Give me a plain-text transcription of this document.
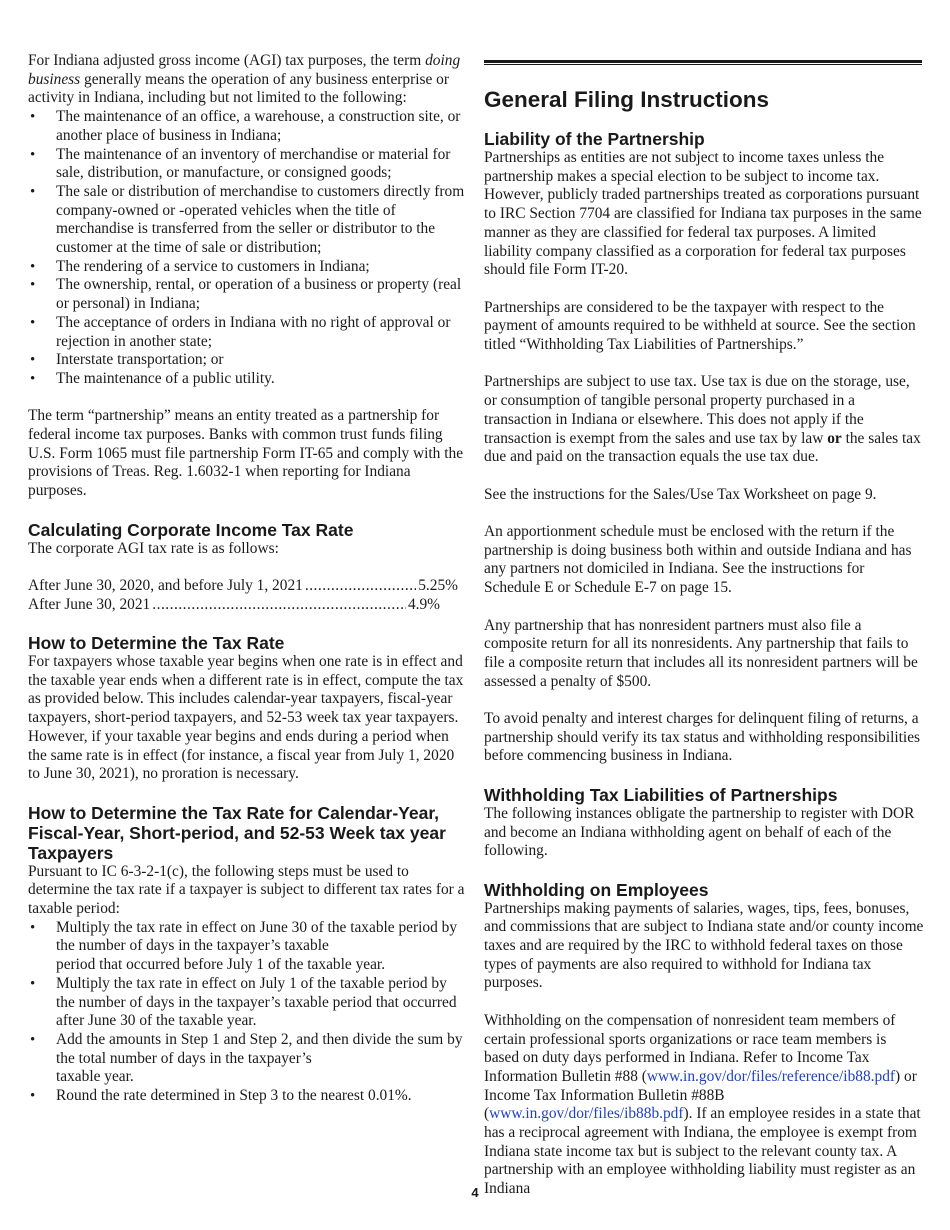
For Indiana adjusted gross income (AGI) tax purposes, the term doing business generally means the operation of any business enterprise or activity in Indiana, including but not limited to the following:

• The maintenance of an office, a warehouse, a construction site, or another place of business in Indiana;
• The maintenance of an inventory of merchandise or material for sale, distribution, or manufacture, or consigned goods;
• The sale or distribution of merchandise to customers directly from company-owned or -operated vehicles when the title of merchandise is transferred from the seller or distributor to the customer at the time of sale or distribution;
• The rendering of a service to customers in Indiana;
• The ownership, rental, or operation of a business or property (real or personal) in Indiana;
• The acceptance of orders in Indiana with no right of approval or rejection in another state;
• Interstate transportation; or
• The maintenance of a public utility.

The term “partnership” means an entity treated as a partnership for federal income tax purposes. Banks with common trust funds filing U.S. Form 1065 must file partnership Form IT-65 and comply with the provisions of Treas. Reg. 1.6032-1 when reporting for Indiana purposes.

Calculating Corporate Income Tax Rate

The corporate AGI tax rate is as follows:

After June 30, 2020, and before July 1, 2021 .....	5.25%
After June 30, 2021 .....	4.9%
How to Determine the Tax Rate

For taxpayers whose taxable year begins when one rate is in effect and the taxable year ends when a different rate is in effect, compute the tax as provided below. This includes calendar-year taxpayers, fiscal-year taxpayers, short-period taxpayers, and 52-53 week tax year taxpayers. However, if your taxable year begins and ends during a period when the same rate is in effect (for instance, a fiscal year from July 1, 2020 to June 30, 2021), no proration is necessary.

How to Determine the Tax Rate for Calendar-Year, Fiscal-Year, Short-period, and 52-53 Week tax year Taxpayers

Pursuant to IC 6-3-2-1(c), the following steps must be used to determine the tax rate if a taxpayer is subject to different tax rates for a taxable period:

• Multiply the tax rate in effect on June 30 of the taxable period by the number of days in the taxpayer’s taxable
period that occurred before July 1 of the taxable year.
• Multiply the tax rate in effect on July 1 of the taxable period by the number of days in the taxpayer’s taxable period that occurred after June 30 of the taxable year.
• Add the amounts in Step 1 and Step 2, and then divide the sum by the total number of days in the taxpayer’s
taxable year.
• Round the rate determined in Step 3 to the nearest 0.01%.
General Filing Instructions
Liability of the Partnership

Partnerships as entities are not subject to income taxes unless the partnership makes a special election to be subject to income tax. However, publicly traded partnerships treated as corporations pursuant to IRC Section 7704 are classified for Indiana tax purposes in the same manner as they are classified for federal tax purposes. A limited liability company classified as a corporation for federal tax purposes should file Form IT-20.

Partnerships are considered to be the taxpayer with respect to the payment of amounts required to be withheld at source. See the section titled “Withholding Tax Liabilities of Partnerships.”

Partnerships are subject to use tax. Use tax is due on the storage, use, or consumption of tangible personal property purchased in a transaction in Indiana or elsewhere. This does not apply if the transaction is exempt from the sales and use tax by law or the sales tax due and paid on the transaction equals the use tax due.

See the instructions for the Sales/Use Tax Worksheet on page 9.

An apportionment schedule must be enclosed with the return if the partnership is doing business both within and outside Indiana and has any partners not domiciled in Indiana. See the instructions for Schedule E or Schedule E-7 on page 15.

Any partnership that has nonresident partners must also file a composite return for all its nonresidents. Any partnership that fails to file a composite return that includes all its nonresident partners will be assessed a penalty of $500.

To avoid penalty and interest charges for delinquent filing of returns, a partnership should verify its tax status and withholding responsibilities before commencing business in Indiana.

Withholding Tax Liabilities of Partnerships

The following instances obligate the partnership to register with DOR and become an Indiana withholding agent on behalf of each of the following.

Withholding on Employees

Partnerships making payments of salaries, wages, tips, fees, bonuses, and commissions that are subject to Indiana state and/or county income taxes and are required by the IRC to withhold federal taxes on those types of payments are also required to withhold for Indiana tax purposes.

Withholding on the compensation of nonresident team members of certain professional sports organizations or race team members is based on duty days performed in Indiana. Refer to Income Tax Information Bulletin #88 (www.in.gov/dor/files/reference/ib88.pdf) or Income Tax Information Bulletin #88B (www.in.gov/dor/files/ib88b.pdf). If an employee resides in a state that has a reciprocal agreement with Indiana, the employee is exempt from Indiana state income tax but is subject to the relevant county tax. A partnership with an employee withholding liability must register as an Indiana

4
